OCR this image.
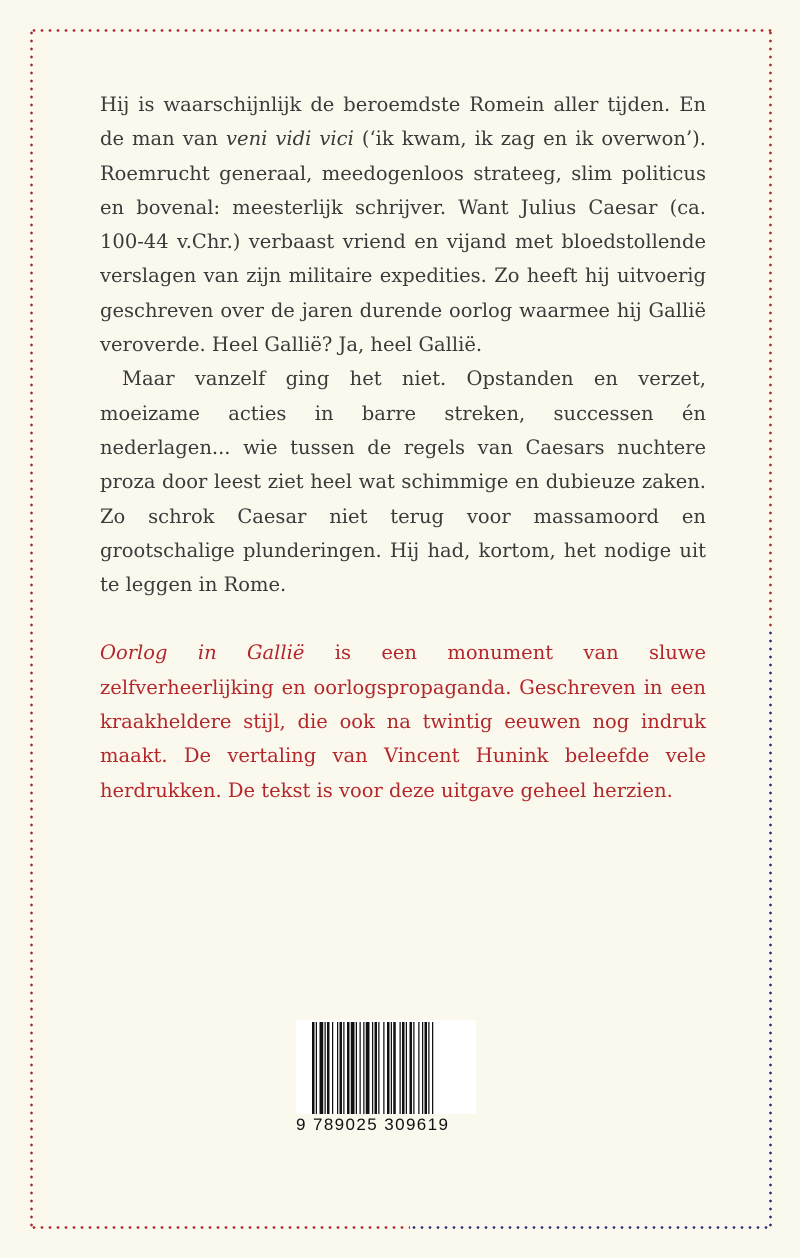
Hij is waarschijnlijk de beroemdste Romein aller tijden. En de man van veni vidi vici (‘ik kwam, ik zag en ik overwon’). Roemrucht generaal, meedogenloos strateeg, slim politicus en bovenal: meesterlijk schrijver. Want Julius Caesar (ca. 100-44 v.Chr.) verbaast vriend en vijand met bloedstollende verslagen van zijn militaire expedities. Zo heeft hij uitvoerig geschreven over de jaren durende oorlog waarmee hij Gallië veroverde. Heel Gallië? Ja, heel Gallië.

Maar vanzelf ging het niet. Opstanden en verzet, moeizame acties in barre streken, successen én nederlagen... wie tussen de regels van Caesars nuchtere proza door leest ziet heel wat schimmige en dubieuze zaken. Zo schrok Caesar niet terug voor massamoord en grootschalige plunderingen. Hij had, kortom, het nodige uit te leggen in Rome.

Oorlog in Gallië is een monument van sluwe zelfverheerlijking en oorlogspropaganda. Geschreven in een kraakheldere stijl, die ook na twintig eeuwen nog indruk maakt. De vertaling van Vincent Hunink beleefde vele herdrukken. De tekst is voor deze uitgave geheel herzien.

9 789025 309619
